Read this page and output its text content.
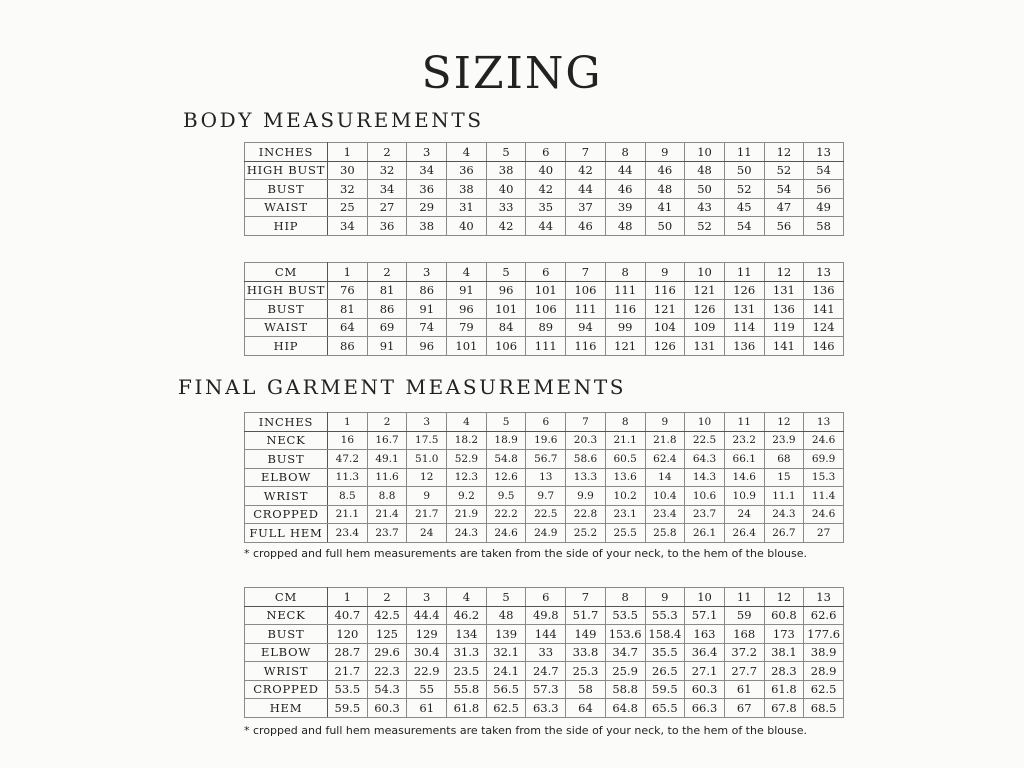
SIZING
BODY MEASUREMENTS
INCHES	1	2	3	4	5	6	7	8	9	10	11	12	13
HIGH BUST	30	32	34	36	38	40	42	44	46	48	50	52	54
BUST	32	34	36	38	40	42	44	46	48	50	52	54	56
WAIST	25	27	29	31	33	35	37	39	41	43	45	47	49
HIP	34	36	38	40	42	44	46	48	50	52	54	56	58
CM	1	2	3	4	5	6	7	8	9	10	11	12	13
HIGH BUST	76	81	86	91	96	101	106	111	116	121	126	131	136
BUST	81	86	91	96	101	106	111	116	121	126	131	136	141
WAIST	64	69	74	79	84	89	94	99	104	109	114	119	124
HIP	86	91	96	101	106	111	116	121	126	131	136	141	146
FINAL GARMENT MEASUREMENTS
INCHES	1	2	3	4	5	6	7	8	9	10	11	12	13
NECK	16	16.7	17.5	18.2	18.9	19.6	20.3	21.1	21.8	22.5	23.2	23.9	24.6
BUST	47.2	49.1	51.0	52.9	54.8	56.7	58.6	60.5	62.4	64.3	66.1	68	69.9
ELBOW	11.3	11.6	12	12.3	12.6	13	13.3	13.6	14	14.3	14.6	15	15.3
WRIST	8.5	8.8	9	9.2	9.5	9.7	9.9	10.2	10.4	10.6	10.9	11.1	11.4
CROPPED	21.1	21.4	21.7	21.9	22.2	22.5	22.8	23.1	23.4	23.7	24	24.3	24.6
FULL HEM	23.4	23.7	24	24.3	24.6	24.9	25.2	25.5	25.8	26.1	26.4	26.7	27

* cropped and full hem measurements are taken from the side of your neck, to the hem of the blouse.

CM	1	2	3	4	5	6	7	8	9	10	11	12	13
NECK	40.7	42.5	44.4	46.2	48	49.8	51.7	53.5	55.3	57.1	59	60.8	62.6
BUST	120	125	129	134	139	144	149	153.6	158.4	163	168	173	177.6
ELBOW	28.7	29.6	30.4	31.3	32.1	33	33.8	34.7	35.5	36.4	37.2	38.1	38.9
WRIST	21.7	22.3	22.9	23.5	24.1	24.7	25.3	25.9	26.5	27.1	27.7	28.3	28.9
CROPPED	53.5	54.3	55	55.8	56.5	57.3	58	58.8	59.5	60.3	61	61.8	62.5
HEM	59.5	60.3	61	61.8	62.5	63.3	64	64.8	65.5	66.3	67	67.8	68.5

* cropped and full hem measurements are taken from the side of your neck, to the hem of the blouse.
